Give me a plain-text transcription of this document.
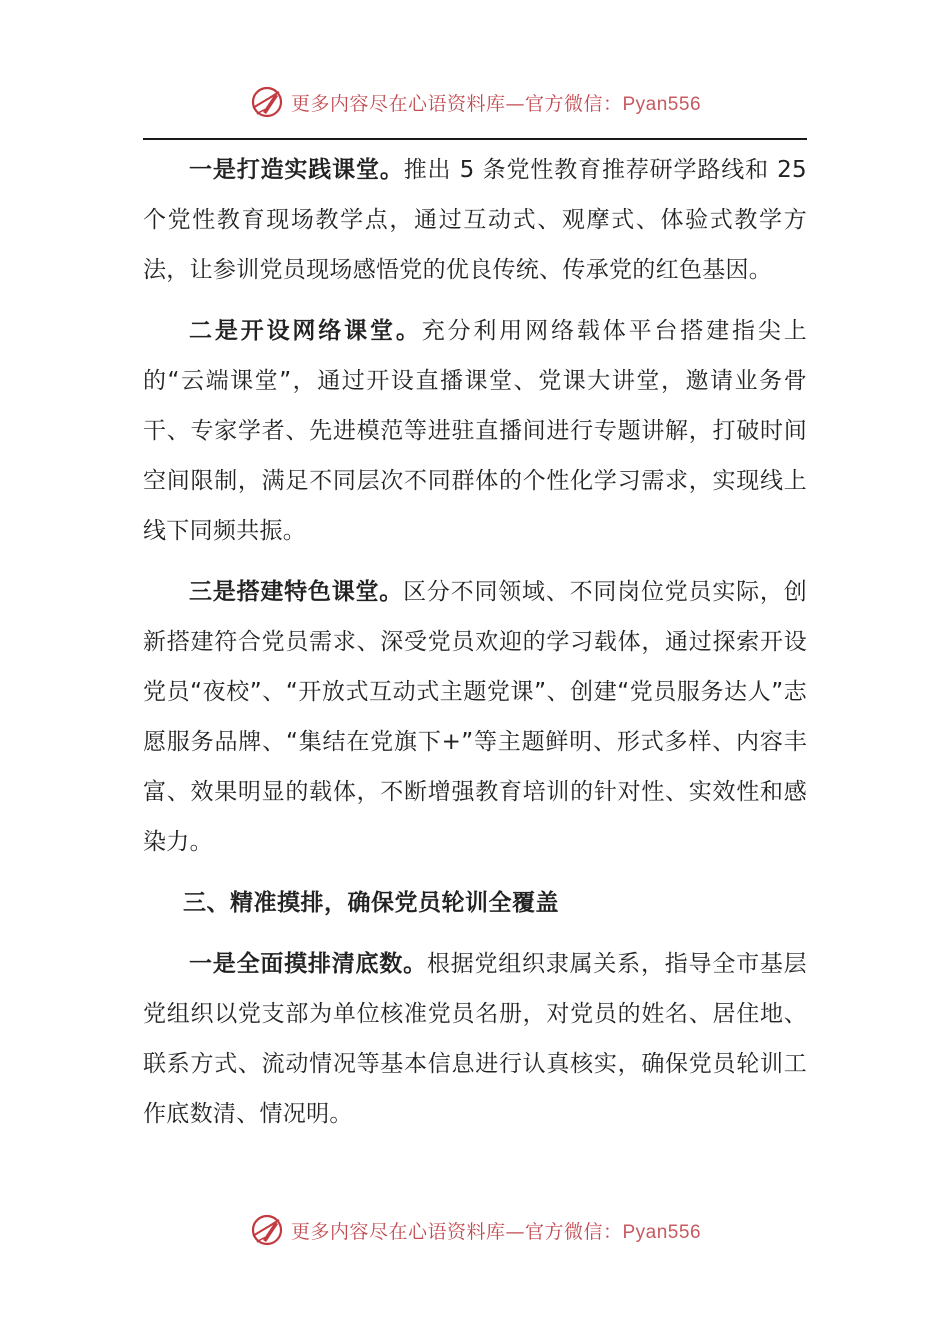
更多内容尽在心语资料库—官方微信：Pyan556

一是打造实践课堂。推出 5 条党性教育推荐研学路线和 25 个党性教育现场教学点，通过互动式、观摩式、体验式教学方法，让参训党员现场感悟党的优良传统、传承党的红色基因。

二是开设网络课堂。充分利用网络载体平台搭建指尖上的“云端课堂”，通过开设直播课堂、党课大讲堂，邀请业务骨干、专家学者、先进模范等进驻直播间进行专题讲解，打破时间空间限制，满足不同层次不同群体的个性化学习需求，实现线上线下同频共振。

三是搭建特色课堂。区分不同领域、不同岗位党员实际，创新搭建符合党员需求、深受党员欢迎的学习载体，通过探索开设党员“夜校”、“开放式互动式主题党课”、创建“党员服务达人”志愿服务品牌、“集结在党旗下+”等主题鲜明、形式多样、内容丰富、效果明显的载体，不断增强教育培训的针对性、实效性和感染力。

三、精准摸排，确保党员轮训全覆盖

一是全面摸排清底数。根据党组织隶属关系，指导全市基层党组织以党支部为单位核准党员名册，对党员的姓名、居住地、联系方式、流动情况等基本信息进行认真核实，确保党员轮训工作底数清、情况明。

更多内容尽在心语资料库—官方微信：Pyan556
